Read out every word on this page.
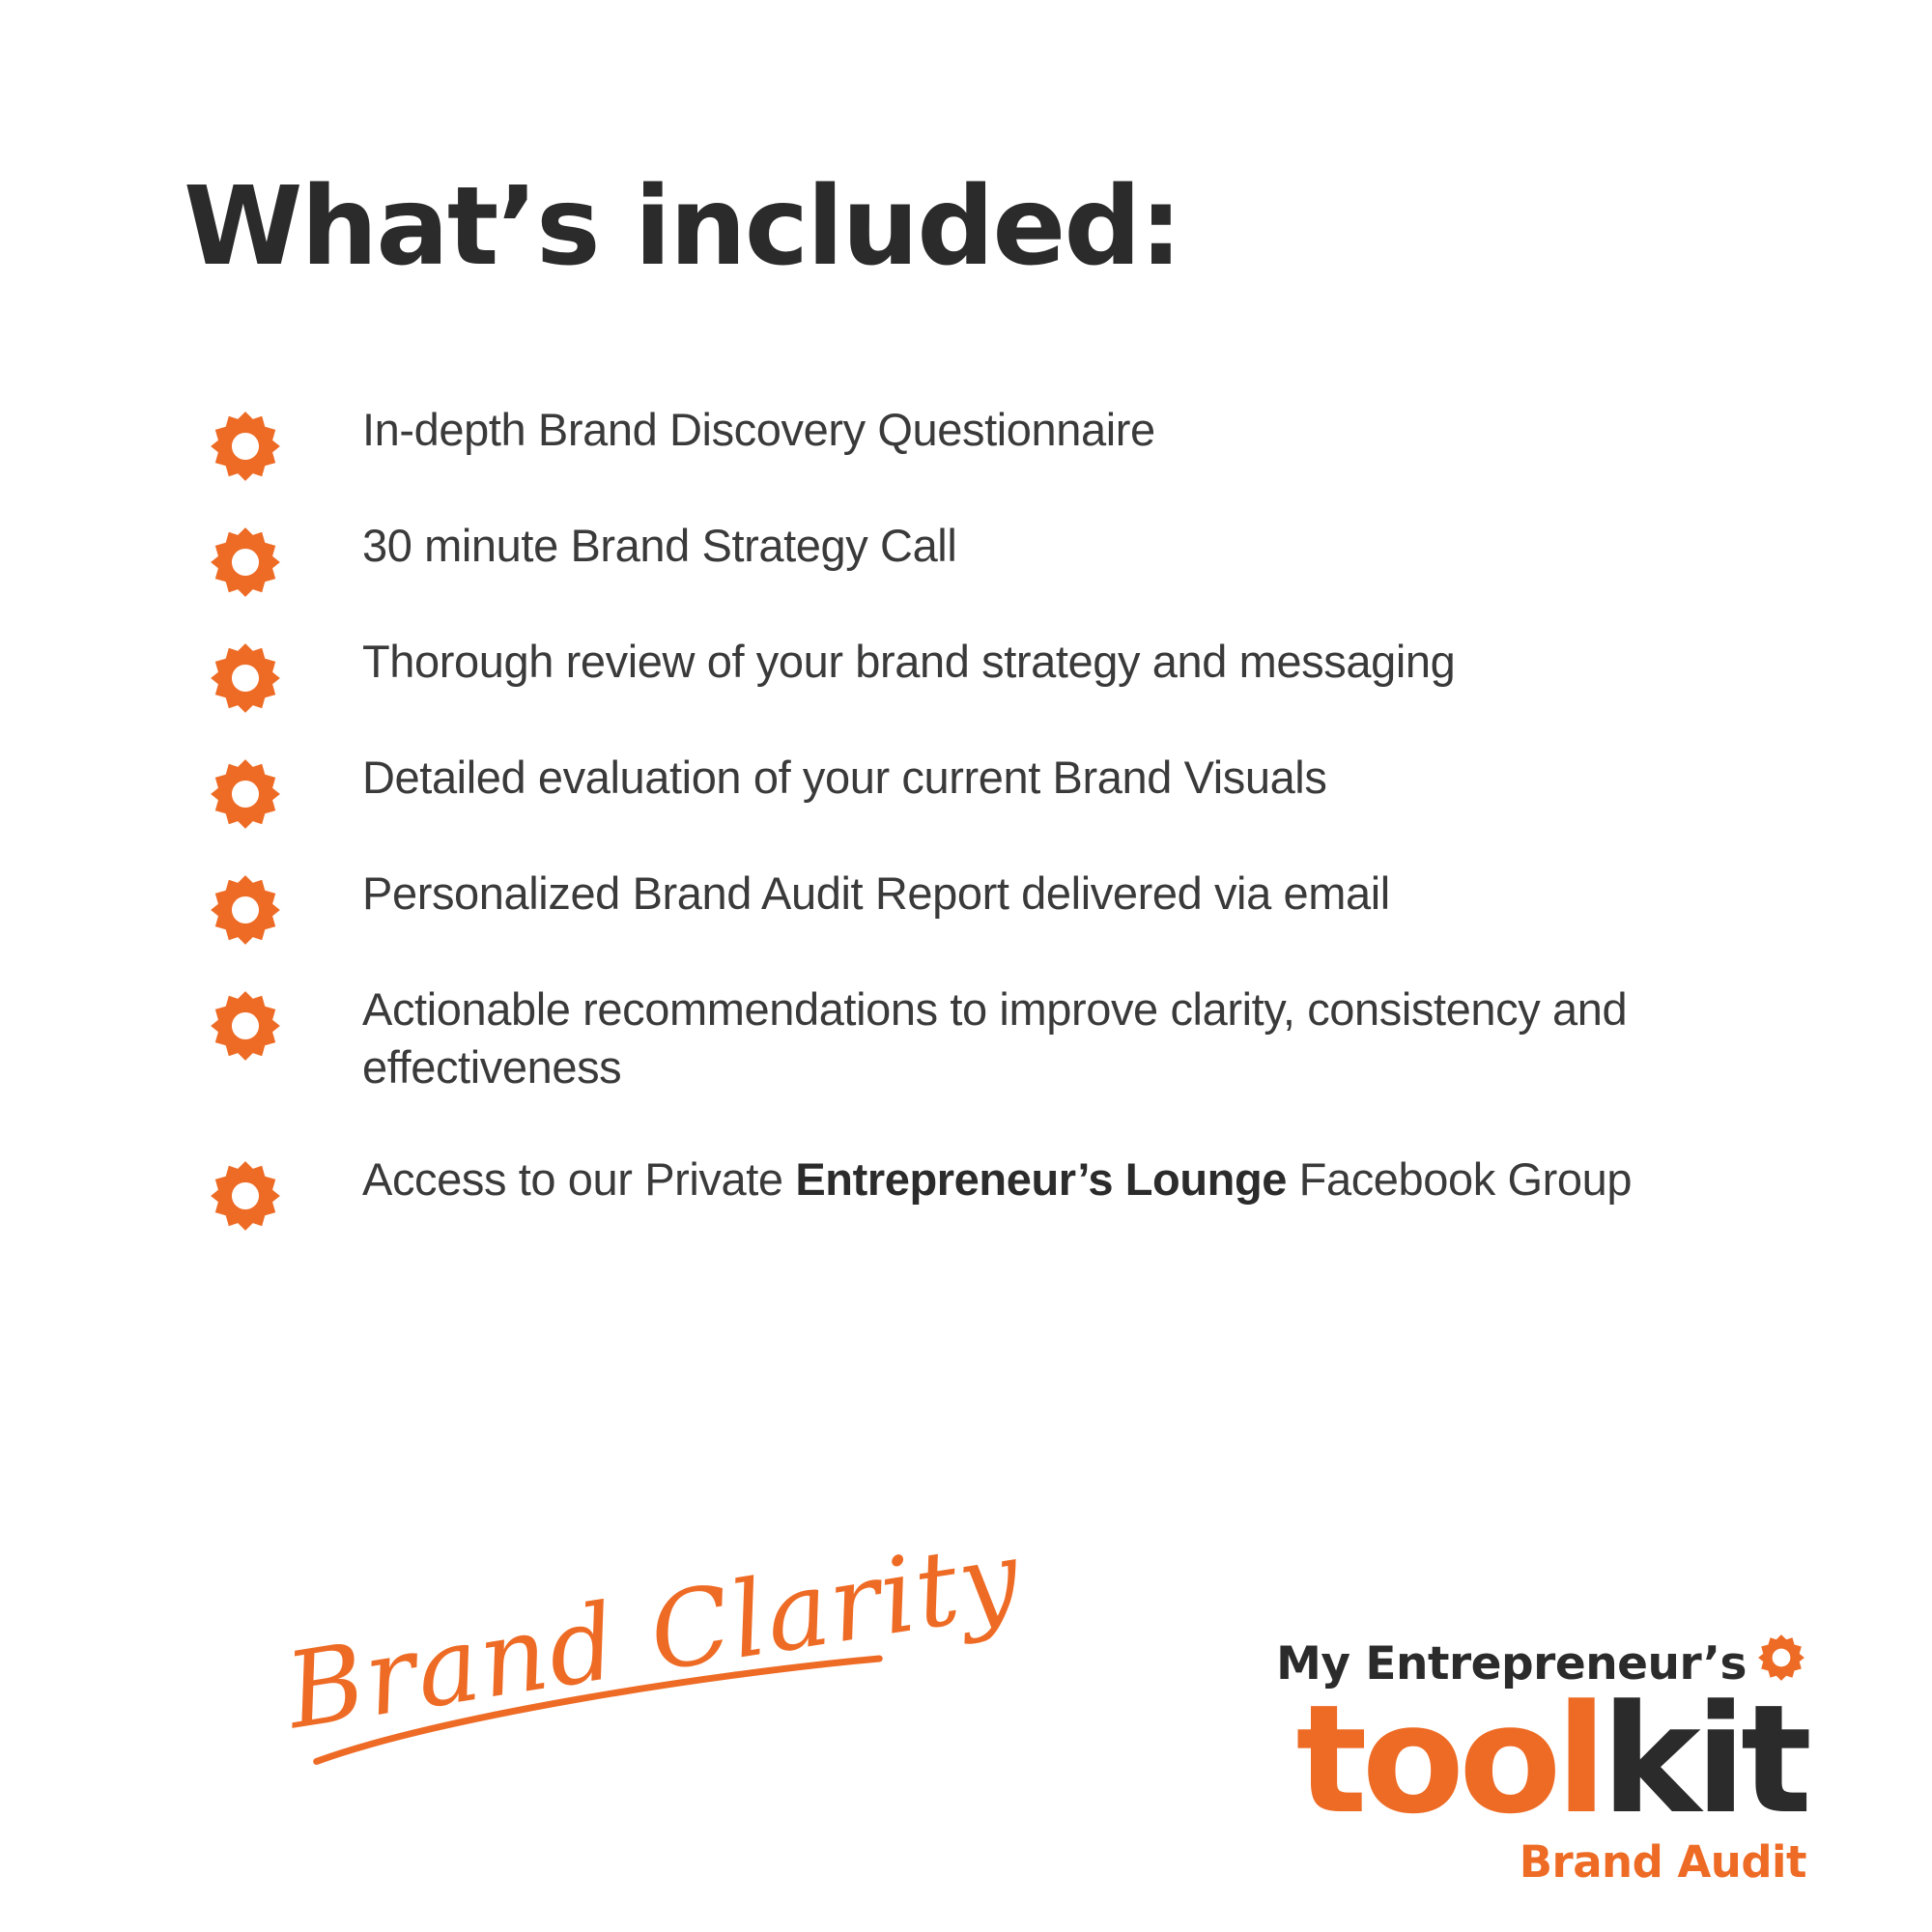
What’s included:
In-depth Brand Discovery Questionnaire
30 minute Brand Strategy Call
Thorough review of your brand strategy and messaging
Detailed evaluation of your current Brand Visuals
Personalized Brand Audit Report delivered via email
Actionable recommendations to improve clarity, consistency and effectiveness
Access to our Private Entrepreneur’s Lounge Facebook Group
Brand Clarity	My Entrepreneur’s
toolkit
Brand Audit
